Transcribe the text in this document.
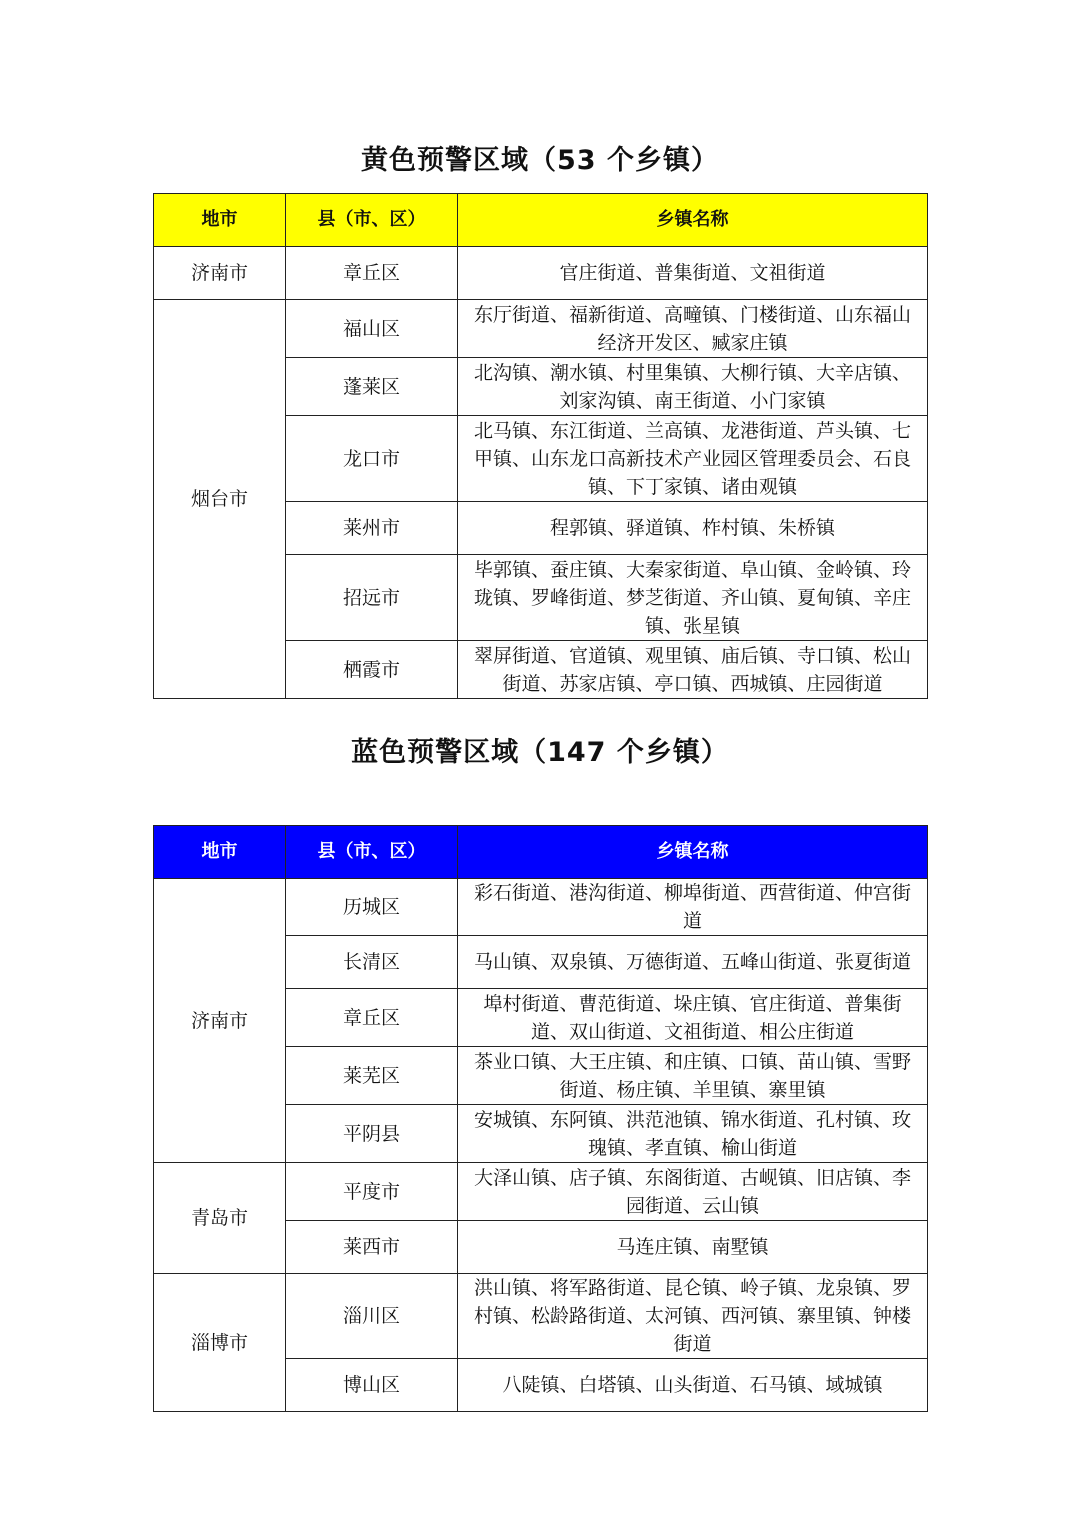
黄色预警区域（53 个乡镇）
地市	县（市、区）	乡镇名称
济南市	章丘区	官庄街道、普集街道、文祖街道
烟台市	福山区	东厅街道、福新街道、高疃镇、门楼街道、山东福山经济开发区、臧家庄镇
	蓬莱区	北沟镇、潮水镇、村里集镇、大柳行镇、大辛店镇、刘家沟镇、南王街道、小门家镇
	龙口市	北马镇、东江街道、兰高镇、龙港街道、芦头镇、七甲镇、山东龙口高新技术产业园区管理委员会、石良镇、下丁家镇、诸由观镇
	莱州市	程郭镇、驿道镇、柞村镇、朱桥镇
	招远市	毕郭镇、蚕庄镇、大秦家街道、阜山镇、金岭镇、玲珑镇、罗峰街道、梦芝街道、齐山镇、夏甸镇、辛庄镇、张星镇
	栖霞市	翠屏街道、官道镇、观里镇、庙后镇、寺口镇、松山街道、苏家店镇、亭口镇、西城镇、庄园街道
蓝色预警区域（147 个乡镇）
地市	县（市、区）	乡镇名称
济南市	历城区	彩石街道、港沟街道、柳埠街道、西营街道、仲宫街道
	长清区	马山镇、双泉镇、万德街道、五峰山街道、张夏街道
	章丘区	埠村街道、曹范街道、垛庄镇、官庄街道、普集街道、双山街道、文祖街道、相公庄街道
	莱芜区	茶业口镇、大王庄镇、和庄镇、口镇、苗山镇、雪野街道、杨庄镇、羊里镇、寨里镇
	平阴县	安城镇、东阿镇、洪范池镇、锦水街道、孔村镇、玫瑰镇、孝直镇、榆山街道
青岛市	平度市	大泽山镇、店子镇、东阁街道、古岘镇、旧店镇、李园街道、云山镇
	莱西市	马连庄镇、南墅镇
淄博市	淄川区	洪山镇、将军路街道、昆仑镇、岭子镇、龙泉镇、罗村镇、松龄路街道、太河镇、西河镇、寨里镇、钟楼街道
	博山区	八陡镇、白塔镇、山头街道、石马镇、域城镇
